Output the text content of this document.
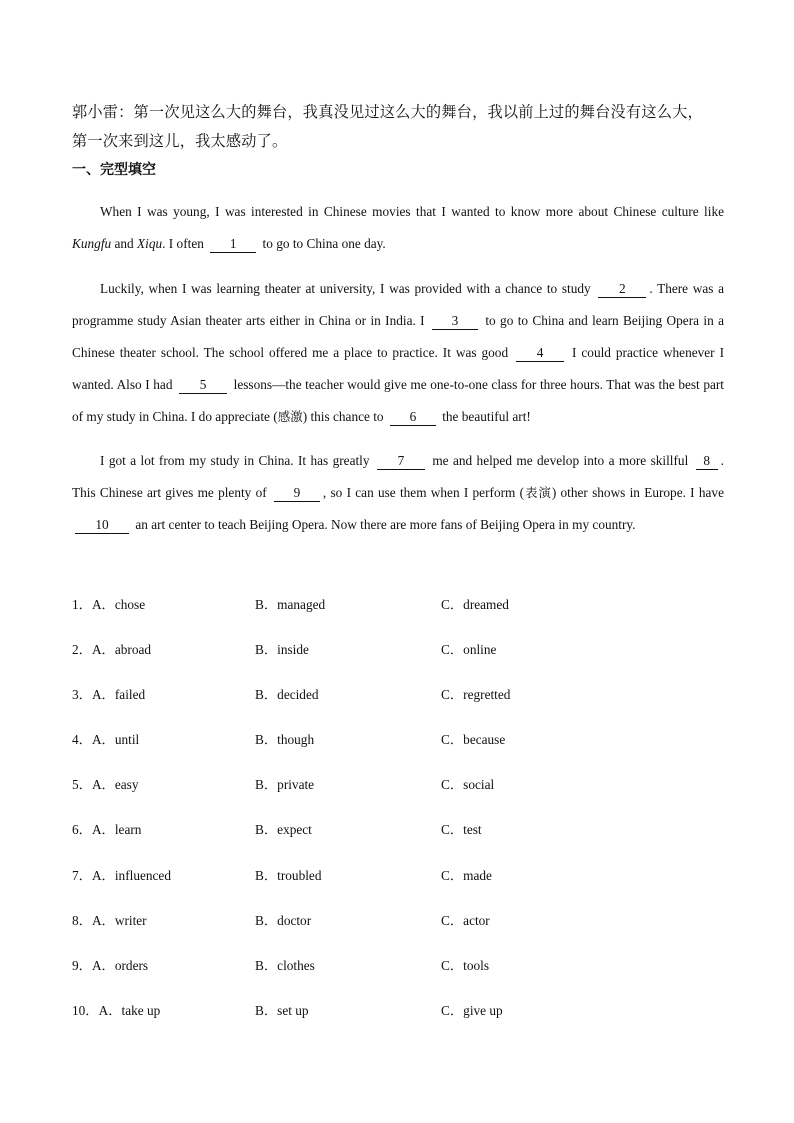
郭小雷：第一次见这么大的舞台，我真没见过这么大的舞台，我以前上过的舞台没有这么大，
第一次来到这儿，我太感动了。
一、完型填空
When I was young, I was interested in Chinese movies that I wanted to know more about Chinese culture like Kungfu and Xiqu. I often 1 to go to China one day.
Luckily, when I was learning theater at university, I was provided with a chance to study 2 . There was a programme study Asian theater arts either in China or in India. I 3 to go to China and learn Beijing Opera in a Chinese theater school. The school offered me a place to practice. It was good 4 I could practice whenever I wanted. Also I had 5 lessons—the teacher would give me one-to-one class for three hours. That was the best part of my study in China. I do appreciate (感激) this chance to 6 the beautiful art!
I got a lot from my study in China. It has greatly 7 me and helped me develop into a more skillful 8 . This Chinese art gives me plenty of 9 , so I can use them when I perform (表演) other shows in Europe. I have 10 an art center to teach Beijing Opera. Now there are more fans of Beijing Opera in my country.
1．A．chose	B．managed	C．dreamed
2．A．abroad	B．inside	C．online
3．A．failed	B．decided	C．regretted
4．A．until	B．though	C．because
5．A．easy	B．private	C．social
6．A．learn	B．expect	C．test
7．A．influenced	B．troubled	C．made
8．A．writer	B．doctor	C．actor
9．A．orders	B．clothes	C．tools
10．A．take up	B．set up	C．give up
